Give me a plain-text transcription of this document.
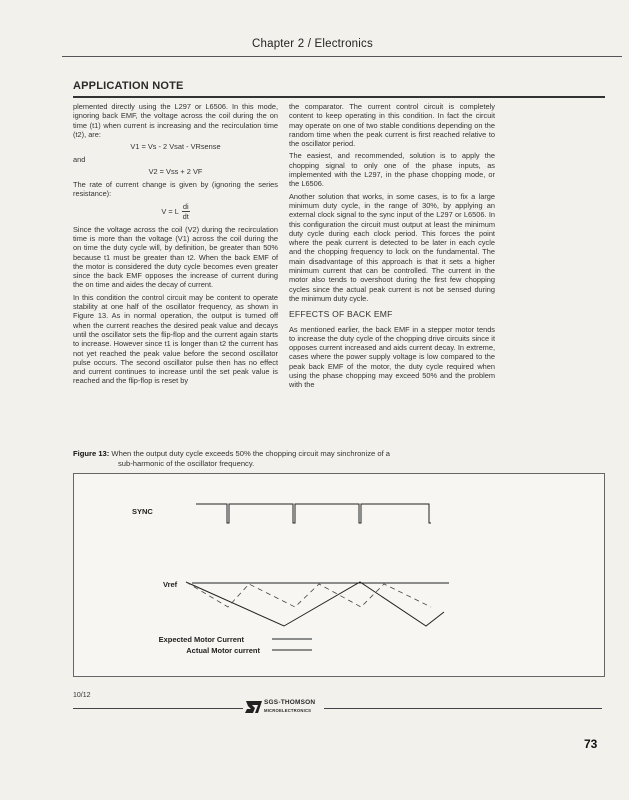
Chapter 2 / Electronics
APPLICATION NOTE

plemented directly using the L297 or L6506. In this mode, ignoring back EMF, the voltage across the coil during the on time (t1) when current is increasing and the recirculation time (t2), are:

V1 = Vs - 2 Vsat - VRsense
and
V2 = Vss + 2 VF

The rate of current change is given by (ignoring the series resistance):

V = L $\frac{di}{dt}$

Since the voltage across the coil (V2) during the recirculation time is more than the voltage (V1) across the coil during the on time the duty cycle will, by definition, be greater than 50% because t1 must be greater than t2. When the back EMF of the motor is considered the duty cycle becomes even greater since the back EMF opposes the increase of current during the on time and aides the decay of current.

In this condition the control circuit may be content to operate stability at one half of the oscillator frequency, as shown in Figure 13. As in normal operation, the output is turned off when the current reaches the desired peak value and decays until the oscillator sets the flip-flop and the current again starts to increase. However since t1 is longer than t2 the current has not yet reached the peak value before the second oscillator pulse occurs. The second oscillator pulse then has no effect and current continues to increase until the set peak value is reached and the flip-flop is reset by

the comparator. The current control circuit is completely content to keep operating in this condition. In fact the circuit may operate on one of two stable conditions depending on the random time when the peak current is first reached relative to the oscillator period.

The easiest, and recommended, solution is to apply the chopping signal to only one of the phase inputs, as implemented with the L297, in the phase chopping mode, or the L6506.

Another solution that works, in some cases, is to fix a large minimum duty cycle, in the range of 30%, by applying an external clock signal to the sync input of the L297 or L6506. In this configuration the circuit must output at least the minimum duty cycle during each clock period. This forces the point where the peak current is detected to be later in each cycle and the chopping frequency to lock on the fundamental. The main disadvantage of this approach is that it sets a higher minimum current that can be controlled. The current in the motor also tends to overshoot during the first few chopping cycles since the actual peak current is not be sensed during the minimum duty cycle.

EFFECTS OF BACK EMF

As mentioned earlier, the back EMF in a stepper motor tends to increase the duty cycle of the chopping drive circuits since it opposes current increased and aids current decay. In extreme, cases where the power supply voltage is low compared to the peak back EMF of the motor, the duty cycle required when using the phase chopping may exceed 50% and the problem with the

Figure 13: When the output duty cycle exceeds 50% the chopping circuit may sinchronize of a
sub-harmonic of the oscillator frequency.
SYNC
Vref
Expected Motor Current
Actual Motor current
10/12
SGS-THOMSON
MICROELECTRONICS
73
